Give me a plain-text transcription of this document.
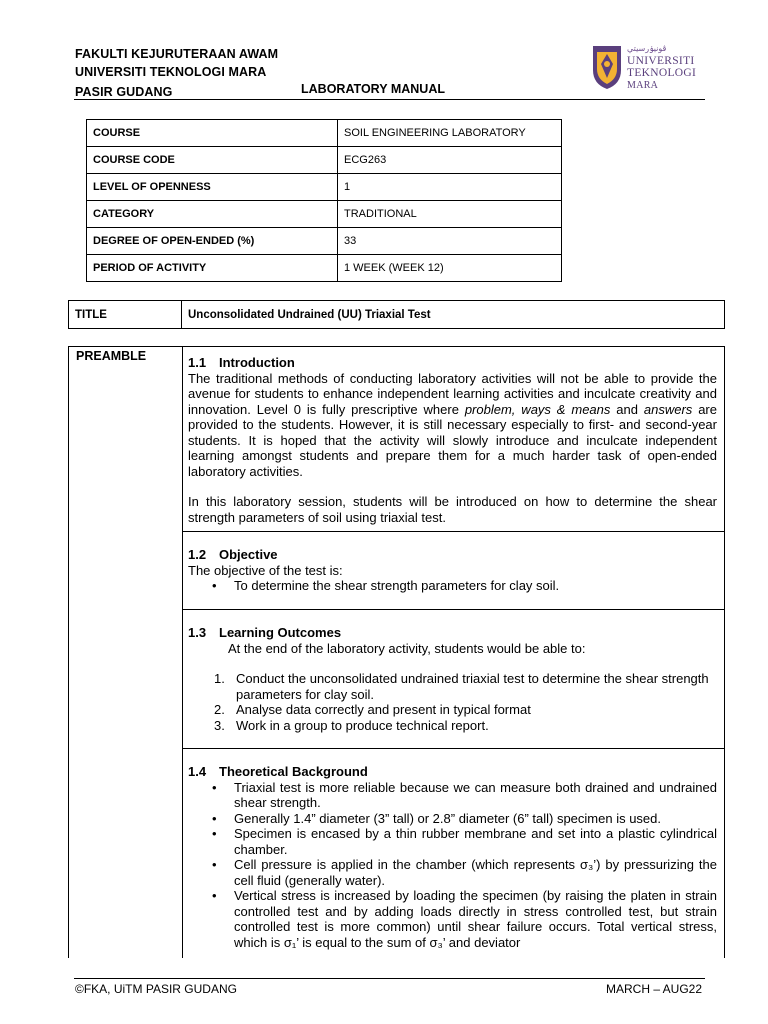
FAKULTI KEJURUTERAAN AWAM
UNIVERSITI TEKNOLOGI MARA
PASIR GUDANG	LABORATORY MANUAL
ڤونيۏرسيتي
UNIVERSITI
TEKNOLOGI
MARA
COURSE	SOIL ENGINEERING LABORATORY
COURSE CODE	ECG263
LEVEL OF OPENNESS	1
CATEGORY	TRADITIONAL
DEGREE OF OPEN-ENDED (%)	33
PERIOD OF ACTIVITY	1 WEEK (WEEK 12)
TITLE	Unconsolidated Undrained (UU) Triaxial Test
PREAMBLE	1.1 Introduction

The traditional methods of conducting laboratory activities will not be able to provide the avenue for students to enhance independent learning activities and inculcate creativity and innovation. Level 0 is fully prescriptive where problem, ways & means and answers are provided to the students. However, it is still necessary especially to first- and second-year students. It is hoped that the activity will slowly introduce and inculcate independent learning amongst students and prepare them for a much harder task of open-ended laboratory activities.

In this laboratory session, students will be introduced on how to determine the shear strength parameters of soil using triaxial test.

1.2 Objective

The objective of the test is:

• To determine the shear strength parameters for clay soil.
1.3 Learning Outcomes

At the end of the laboratory activity, students would be able to:

1. Conduct the unconsolidated undrained triaxial test to determine the shear strength parameters for clay soil.
2. Analyse data correctly and present in typical format
3. Work in a group to produce technical report.
1.4 Theoretical Background
• Triaxial test is more reliable because we can measure both drained and undrained shear strength.
• Generally 1.4” diameter (3” tall) or 2.8” diameter (6” tall) specimen is used.
• Specimen is encased by a thin rubber membrane and set into a plastic cylindrical chamber.
• Cell pressure is applied in the chamber (which represents σ₃’) by pressurizing the cell fluid (generally water).
• Vertical stress is increased by loading the specimen (by raising the platen in strain controlled test and by adding loads directly in stress controlled test, but strain controlled test is more common) until shear failure occurs. Total vertical stress, which is σ₁’ is equal to the sum of σ₃’ and deviator
©FKA, UiTM PASIR GUDANG	MARCH – AUG22
